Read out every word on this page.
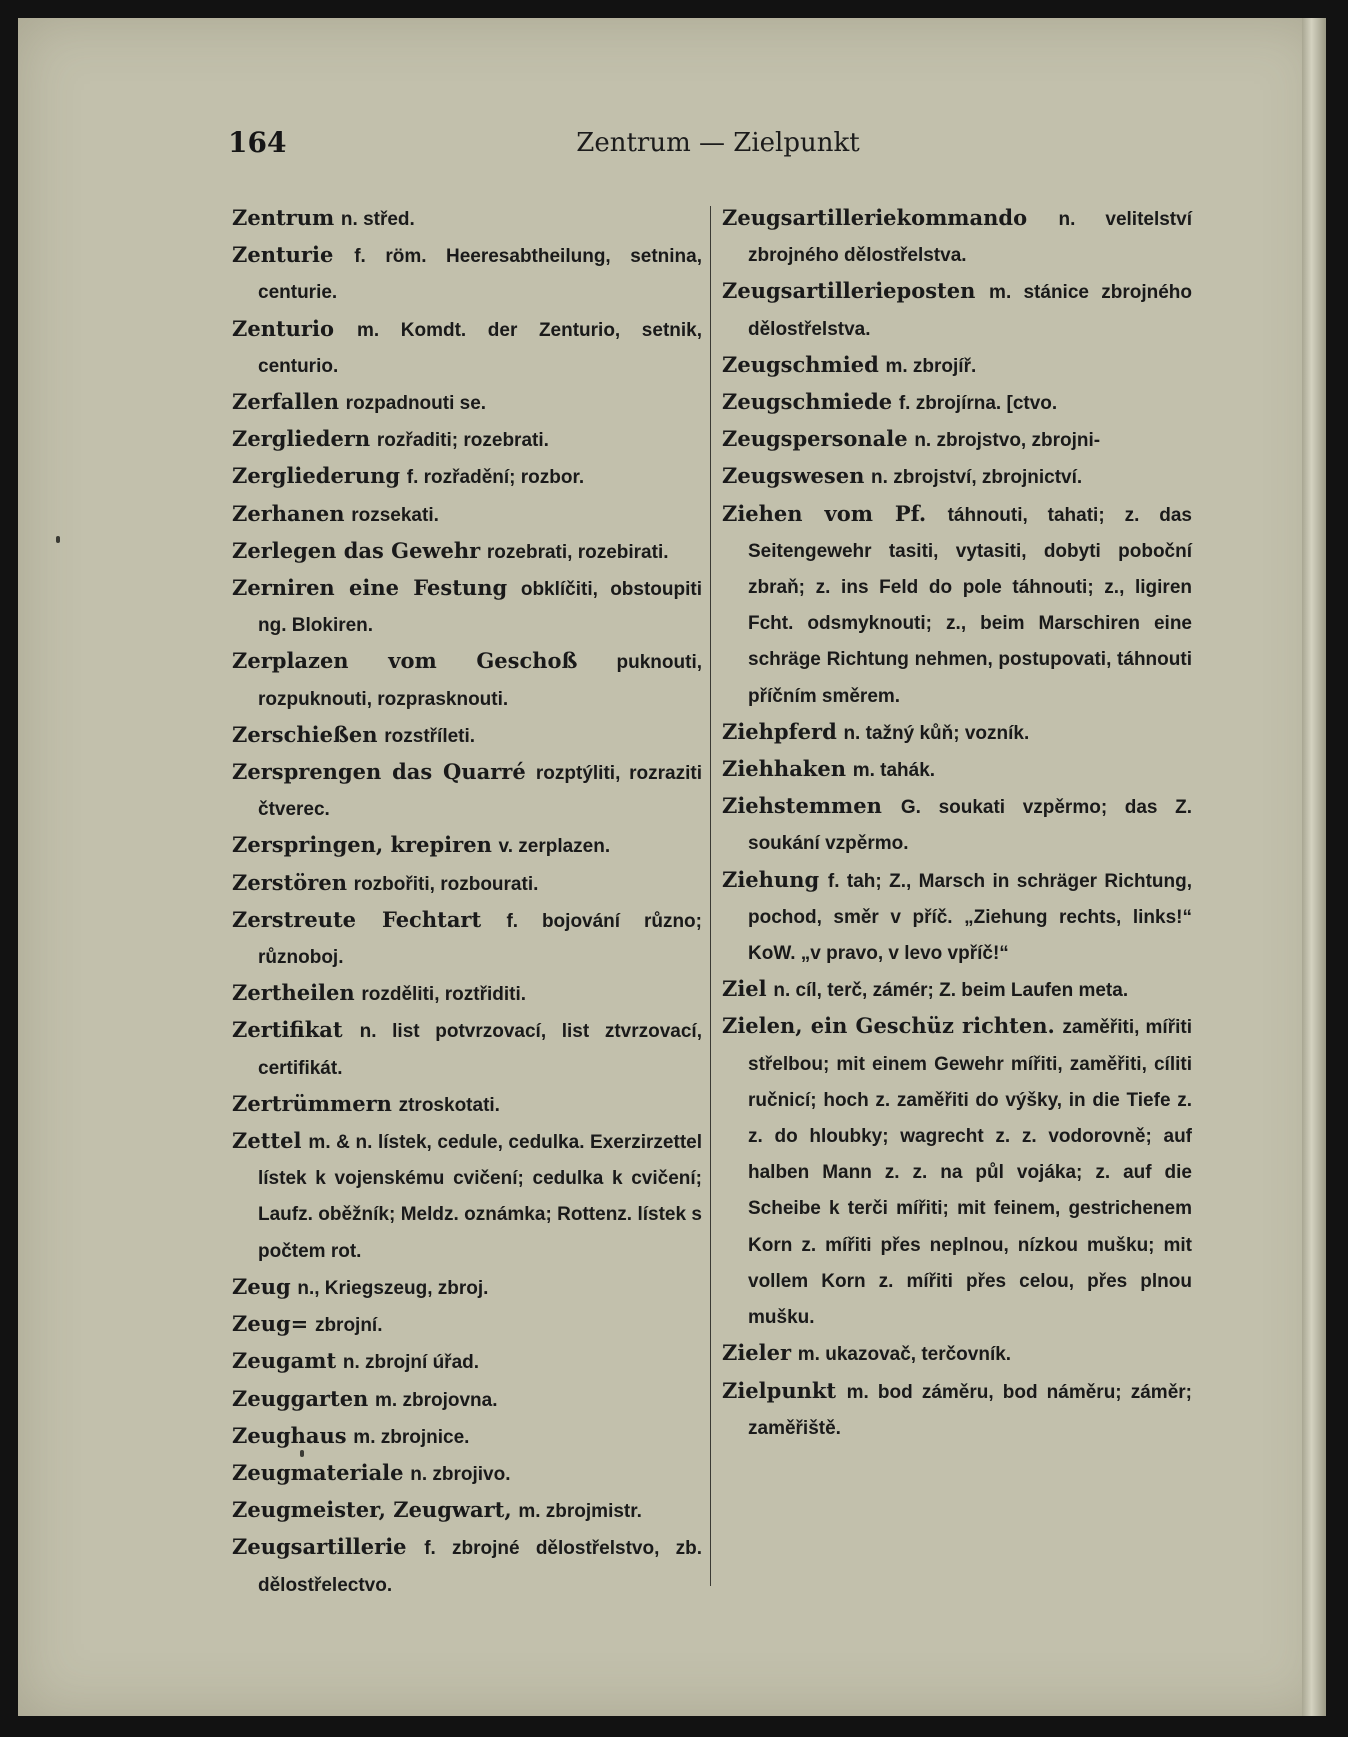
164	Zentrum — Zielpunkt

Zentrum n. střed.

Zenturie f. röm. Heeresabtheilung, setnina, centurie.

Zenturio m. Komdt. der Zenturio, setnik, centurio.

Zerfallen rozpadnouti se.

Zergliedern rozřaditi; rozebrati.

Zergliederung f. rozřadění; rozbor.

Zerhanen rozsekati.

Zerlegen das Gewehr rozebrati, rozebirati.

Zerniren eine Festung obklíčiti, obstoupiti ng. Blokiren.

Zerplazen vom Geschoß puknouti, rozpuknouti, rozprasknouti.

Zerschießen rozstříleti.

Zersprengen das Quarré rozptýliti, rozraziti čtverec.

Zerspringen, krepiren v. zerplazen.

Zerstören rozbořiti, rozbourati.

Zerstreute Fechtart f. bojování různo; různoboj.

Zertheilen rozděliti, roztřiditi.

Zertifikat n. list potvrzovací, list ztvrzovací, certifikát.

Zertrümmern ztroskotati.

Zettel m. & n. lístek, cedule, cedulka. Exerzirzettel lístek k vojenskému cvičení; cedulka k cvičení; Laufz. oběžník; Meldz. oznámka; Rottenz. lístek s počtem rot.

Zeug n., Kriegszeug, zbroj.

Zeug= zbrojní.

Zeugamt n. zbrojní úřad.

Zeuggarten m. zbrojovna.

Zeughaus m. zbrojnice.

Zeugmateriale n. zbrojivo.

Zeugmeister, Zeugwart, m. zbrojmistr.

Zeugsartillerie f. zbrojné dělostřelstvo, zb. dělostřelectvo.

Zeugsartilleriekommando n. velitelství zbrojného dělostřelstva.

Zeugsartillerieposten m. stánice zbrojného dělostřelstva.

Zeugschmied m. zbrojíř.

Zeugschmiede f. zbrojírna. [ctvo.

Zeugspersonale n. zbrojstvo, zbrojni-

Zeugswesen n. zbrojství, zbrojnictví.

Ziehen vom Pf. táhnouti, tahati; z. das Seitengewehr tasiti, vytasiti, dobyti poboční zbraň; z. ins Feld do pole táhnouti; z., ligiren Fcht. odsmyknouti; z., beim Marschiren eine schräge Richtung nehmen, postupovati, táhnouti příčním směrem.

Ziehpferd n. tažný kůň; vozník.

Ziehhaken m. tahák.

Ziehstemmen G. soukati vzpěrmo; das Z. soukání vzpěrmo.

Ziehung f. tah; Z., Marsch in schräger Richtung, pochod, směr v příč. „Ziehung rechts, links!“ KoW. „v pravo, v levo vpříč!“

Ziel n. cíl, terč, zámér; Z. beim Laufen meta.

Zielen, ein Geschüz richten. zaměřiti, mířiti střelbou; mit einem Gewehr mířiti, zaměřiti, cíliti ručnicí; hoch z. zaměřiti do výšky, in die Tiefe z. z. do hloubky; wagrecht z. z. vodorovně; auf halben Mann z. z. na půl vojáka; z. auf die Scheibe k terči mířiti; mit feinem, gestrichenem Korn z. mířiti přes neplnou, nízkou mušku; mit vollem Korn z. mířiti přes celou, přes plnou mušku.

Zieler m. ukazovač, terčovník.

Zielpunkt m. bod záměru, bod náměru; záměr; zaměřiště.
